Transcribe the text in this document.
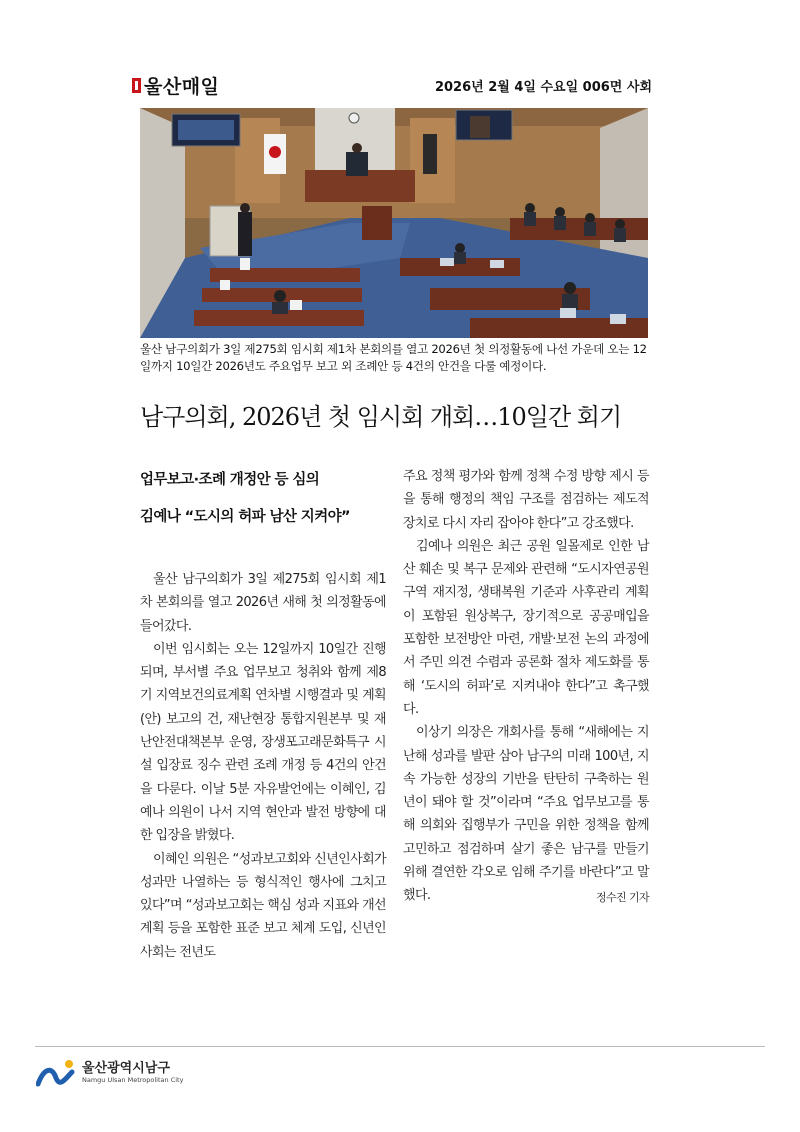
울산매일	2026년 2월 4일 수요일 006면 사회
울산 남구의회가 3일 제275회 임시회 제1차 본회의를 열고 2026년 첫 의정활동에 나선 가운데 오는 12일까지 10일간 2026년도 주요업무 보고 외 조례안 등 4건의 안건을 다룰 예정이다.
남구의회, 2026년 첫 임시회 개회…10일간 회기
업무보고·조례 개정안 등 심의
김예나 “도시의 허파 남산 지켜야”

울산 남구의회가 3일 제275회 임시회 제1차 본회의를 열고 2026년 새해 첫 의정활동에 들어갔다.

이번 임시회는 오는 12일까지 10일간 진행되며, 부서별 주요 업무보고 청취와 함께 제8기 지역보건의료계획 연차별 시행결과 및 계획(안) 보고의 건, 재난현장 통합지원본부 및 재난안전대책본부 운영, 장생포고래문화특구 시설 입장료 징수 관련 조례 개정 등 4건의 안건을 다룬다. 이날 5분 자유발언에는 이혜인, 김예나 의원이 나서 지역 현안과 발전 방향에 대한 입장을 밝혔다.

이혜인 의원은 “성과보고회와 신년인사회가 성과만 나열하는 등 형식적인 행사에 그치고 있다”며 “성과보고회는 핵심 성과 지표와 개선 계획 등을 포함한 표준 보고 체계 도입, 신년인사회는 전년도

주요 정책 평가와 함께 정책 수정 방향 제시 등을 통해 행정의 책임 구조를 점검하는 제도적 장치로 다시 자리 잡아야 한다”고 강조했다.

김예나 의원은 최근 공원 일몰제로 인한 남산 훼손 및 복구 문제와 관련해 “도시자연공원구역 재지정, 생태복원 기준과 사후관리 계획이 포함된 원상복구, 장기적으로 공공매입을 포함한 보전방안 마련, 개발·보전 논의 과정에서 주민 의견 수렴과 공론화 절차 제도화를 통해 ‘도시의 허파’로 지켜내야 한다”고 촉구했다.

이상기 의장은 개회사를 통해 “새해에는 지난해 성과를 발판 삼아 남구의 미래 100년, 지속 가능한 성장의 기반을 탄탄히 구축하는 원년이 돼야 할 것”이라며 “주요 업무보고를 통해 의회와 집행부가 구민을 위한 정책을 함께 고민하고 점검하며 살기 좋은 남구를 만들기 위해 결연한 각오로 임해 주기를 바란다”고 말했다.	정수진 기자
울산광역시남구
Namgu Ulsan Metropolitan City
